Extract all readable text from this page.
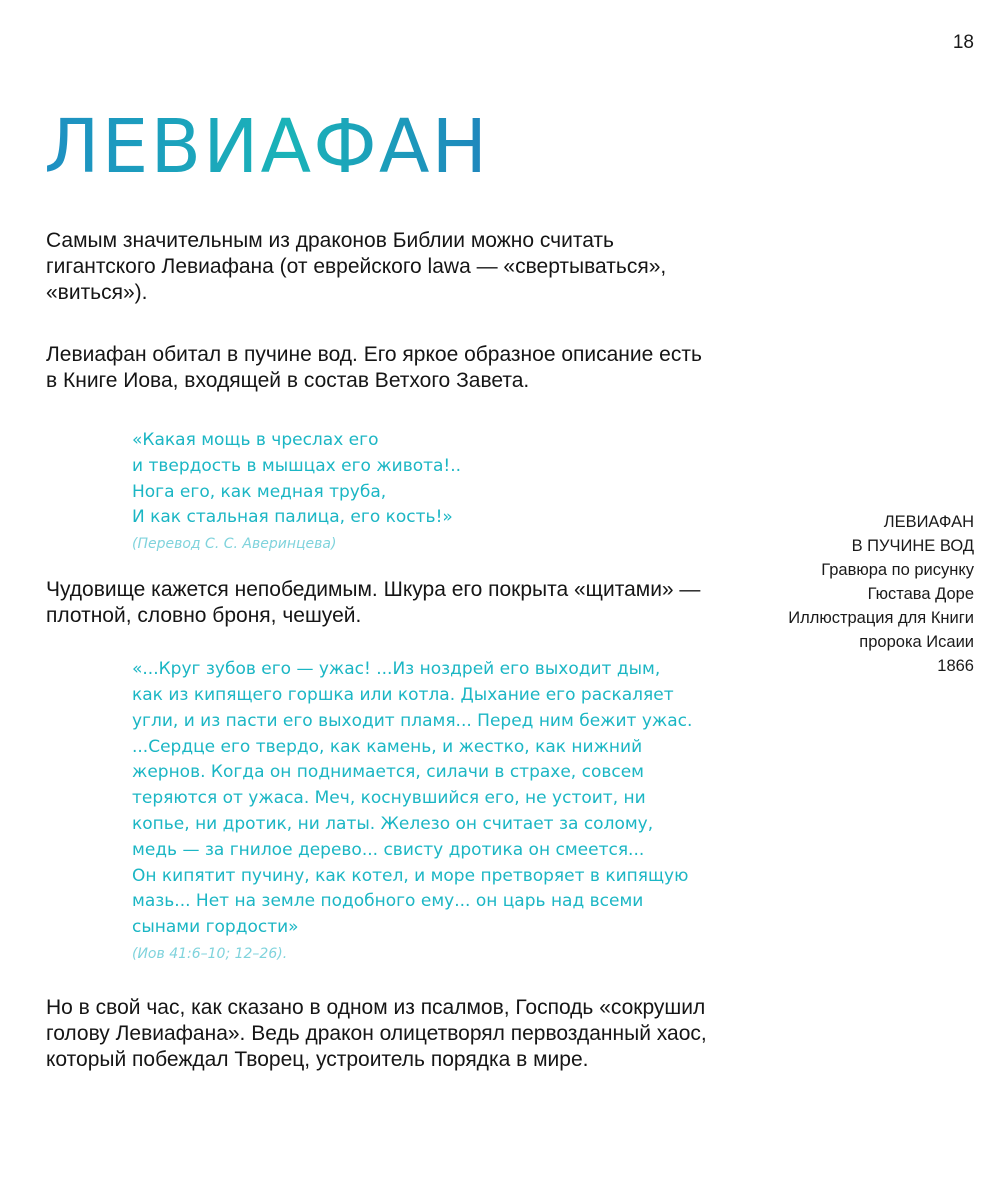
18
ЛЕВИАФАН

Самым значительным из драконов Библии можно считать
гигантского Левиафана (от еврейского lawa — «свертываться»,
«виться»).

Левиафан обитал в пучине вод. Его яркое образное описание есть
в Книге Иова, входящей в состав Ветхого Завета.

«Какая мощь в чреслах его
и твердость в мышцах его живота!..
Нога его, как медная труба,
И как стальная палица, его кость!»

(Перевод С. С. Аверинцева)

Чудовище кажется непобедимым. Шкура его покрыта «щитами» —
плотной, словно броня, чешуей.

«...Круг зубов его — ужас! ...Из ноздрей его выходит дым,
как из кипящего горшка или котла. Дыхание его раскаляет
угли, и из пасти его выходит пламя... Перед ним бежит ужас.
...Сердце его твердо, как камень, и жестко, как нижний
жернов. Когда он поднимается, силачи в страхе, совсем
теряются от ужаса. Меч, коснувшийся его, не устоит, ни
копье, ни дротик, ни латы. Железо он считает за солому,
медь — за гнилое дерево... свисту дротика он смеется...
Он кипятит пучину, как котел, и море претворяет в кипящую
мазь... Нет на земле подобного ему... он царь над всеми
сынами гордости»

(Иов 41:6–10; 12–26).

Но в свой час, как сказано в одном из псалмов, Господь «сокрушил
голову Левиафана». Ведь дракон олицетворял первозданный хаос,
который побеждал Творец, устроитель порядка в мире.

ЛЕВИАФАН
В ПУЧИНЕ ВОД
Гравюра по рисунку
Гюстава Доре
Иллюстрация для Книги
пророка Исаии
1866
